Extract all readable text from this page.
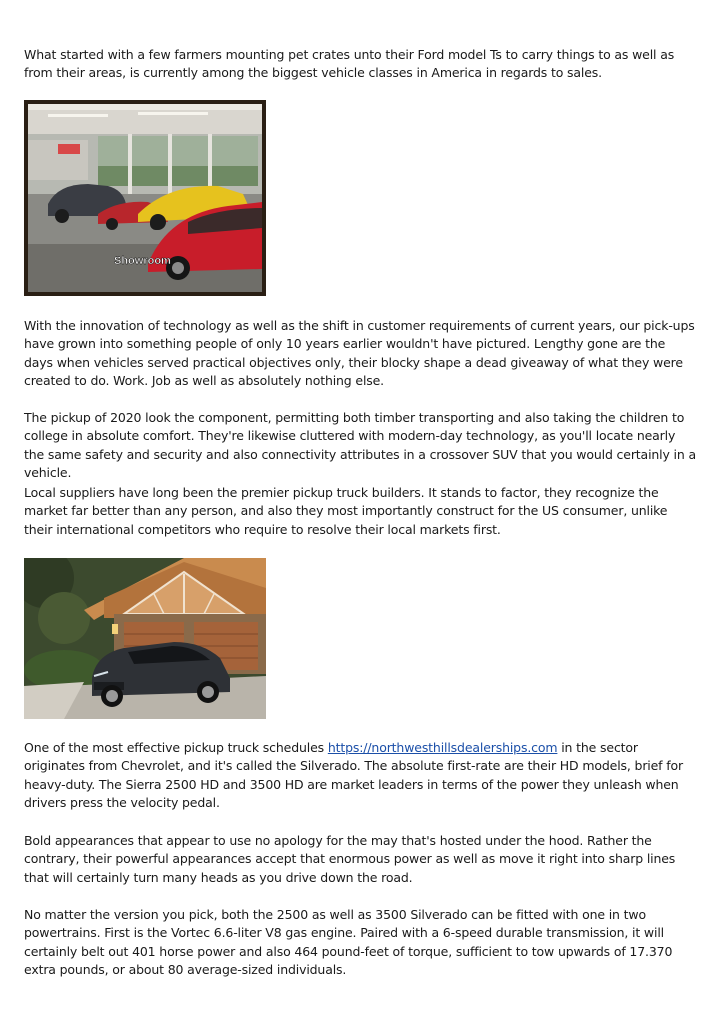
What started with a few farmers mounting pet crates unto their Ford model Ts to carry things to as well as from their areas, is currently among the biggest vehicle classes in America in regards to sales.

Showroom

With the innovation of technology as well as the shift in customer requirements of current years, our pick-ups have grown into something people of only 10 years earlier wouldn't have pictured. Lengthy gone are the days when vehicles served practical objectives only, their blocky shape a dead giveaway of what they were created to do. Work. Job as well as absolutely nothing else.

The pickup of 2020 look the component, permitting both timber transporting and also taking the children to college in absolute comfort. They're likewise cluttered with modern-day technology, as you'll locate nearly the same safety and security and also connectivity attributes in a crossover SUV that you would certainly in a vehicle.

Local suppliers have long been the premier pickup truck builders. It stands to factor, they recognize the market far better than any person, and also they most importantly construct for the US consumer, unlike their international competitors who require to resolve their local markets first.

One of the most effective pickup truck schedules https://northwesthillsdealerships.com in the sector originates from Chevrolet, and it's called the Silverado. The absolute first-rate are their HD models, brief for heavy-duty. The Sierra 2500 HD and 3500 HD are market leaders in terms of the power they unleash when drivers press the velocity pedal.

Bold appearances that appear to use no apology for the may that's hosted under the hood. Rather the contrary, their powerful appearances accept that enormous power as well as move it right into sharp lines that will certainly turn many heads as you drive down the road.

No matter the version you pick, both the 2500 as well as 3500 Silverado can be fitted with one in two powertrains. First is the Vortec 6.6-liter V8 gas engine. Paired with a 6-speed durable transmission, it will certainly belt out 401 horse power and also 464 pound-feet of torque, sufficient to tow upwards of 17.370 extra pounds, or about 80 average-sized individuals.
